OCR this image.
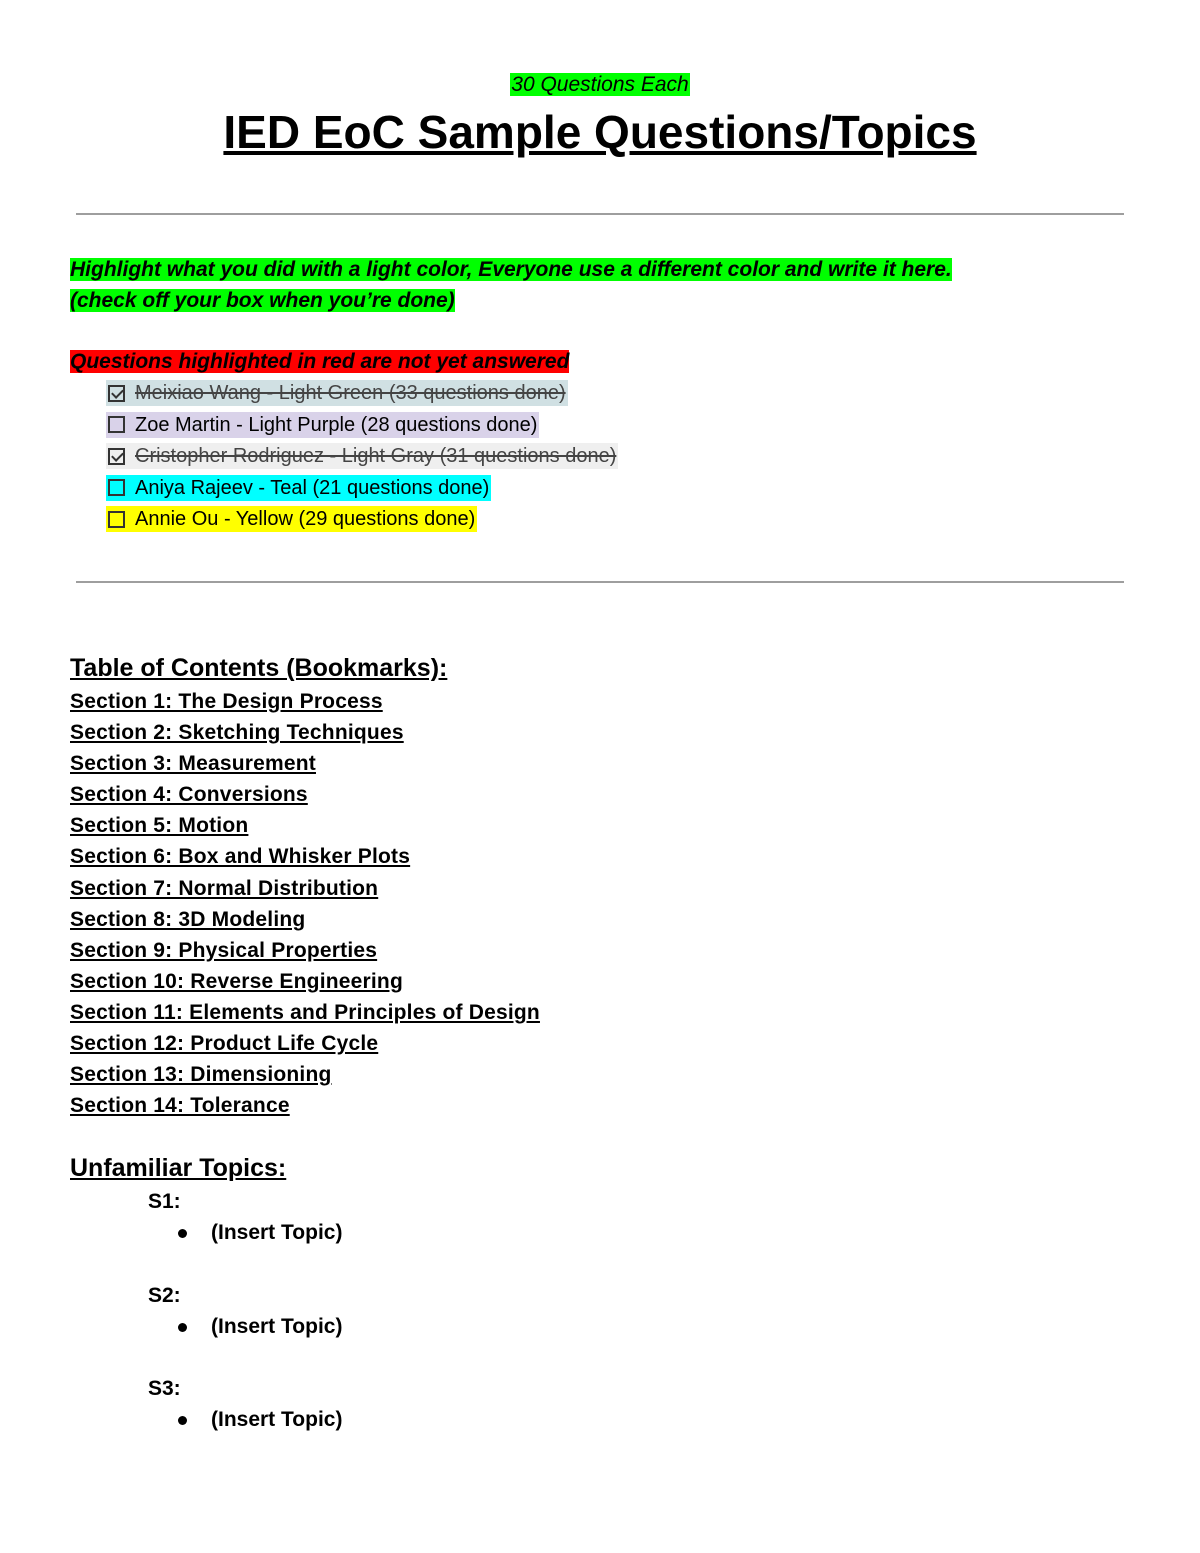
30 Questions Each
IED EoC Sample Questions/Topics
Highlight what you did with a light color, Everyone use a different color and write it here.
(check off your box when you’re done)
Questions highlighted in red are not yet answered
Meixiao Wang - Light Green (33 questions done)
Zoe Martin - Light Purple (28 questions done)
Cristopher Rodriguez - Light Gray (31 questions done)
Aniya Rajeev - Teal (21 questions done)
Annie Ou - Yellow (29 questions done)
Table of Contents (Bookmarks):
Section 1: The Design Process
Section 2: Sketching Techniques
Section 3: Measurement
Section 4: Conversions
Section 5: Motion
Section 6: Box and Whisker Plots
Section 7: Normal Distribution
Section 8: 3D Modeling
Section 9: Physical Properties
Section 10: Reverse Engineering
Section 11: Elements and Principles of Design
Section 12: Product Life Cycle
Section 13: Dimensioning
Section 14: Tolerance
Unfamiliar Topics:
S1:
(Insert Topic)
S2:
(Insert Topic)
S3:
(Insert Topic)
